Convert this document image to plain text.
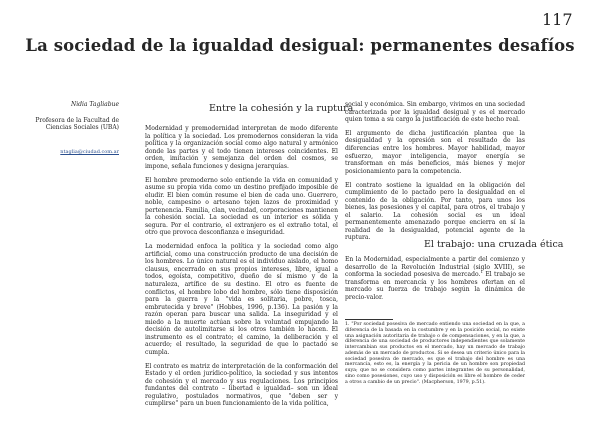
117
La sociedad de la igualdad desigual: permanentes desafíos
Nidia Tagliabue
Profesora de la Facultad de Ciencias Sociales (UBA)
ntaglia@ciudad.com.ar
Entre la cohesión y la ruptura

Modernidad y premodernidad interpretan de modo diferente la política y la sociedad. Los premodernos consideran la vida política y la organización social como algo natural y armónico donde las partes y el todo tienen intereses coincidentes. El orden, imitación y semejanza del orden del cosmos, se impone, señala funciones y designa jerarquías.

El hombre premoderno solo entiende la vida en comunidad y asume su propia vida como un destino prefijado imposible de eludir. El bien común resume el bien de cada uno. Guerrero, noble, campesino o artesano tejen lazos de proximidad y pertenencia. Familia, clan, vecindad, corporaciones mantienen la cohesión social. La sociedad es un interior es sólida y segura. Por el contrario, el extranjero es el extraño total, el otro que provoca desconfianza e inseguridad.

La modernidad enfoca la política y la sociedad como algo artificial, como una construcción producto de una decisión de los hombres. Lo único natural es el individuo aislado, el homo clausus, encerrado en sus propios intereses, libre, igual a todos, egoísta, competitivo, dueño de sí mismo y de la naturaleza, artífice de su destino. El otro es fuente de conflictos, el hombre lobo del hombre, sólo tiene disposición para la guerra y la "vida es solitaria, pobre, tosca, embrutecida y breve" (Hobbes, 1996, p.136). La pasión y la razón operan para buscar una salida. La inseguridad y el miedo a la muerte actúan sobre la voluntad empujando la decisión de autolimitarse si los otros también lo hacen. El instrumento es el contrato; el camino, la deliberación y el acuerdo; el resultado, la seguridad de que lo pactado se cumpla.

El contrato es matriz de interpretación de la conformación del Estado y el orden jurídico-político, la sociedad y sus intentos de cohesión y el mercado y sus regulaciones. Los principios fundantes del contrato – libertad e igualdad– son un ideal regulativo, postulados normativos, que "deben ser y cumplirse" para un buen funcionamiento de la vida política,

social y económica. Sin embargo, vivimos en una sociedad caracterizada por la igualdad desigual y es el mercado quien toma a su cargo la justificación de este hecho real.

El argumento de dicha justificación plantea que la desigualdad y la opresión son el resultado de las diferencias entre los hombres. Mayor habilidad, mayor esfuerzo, mayor inteligencia, mayor energía se transforman en más beneficios, más bienes y mejor posicionamiento para la competencia.

El contrato sostiene la igualdad en la obligación del cumplimiento de lo pactado pero la desigualdad en el contenido de la obligación. Por tanto, para unos los bienes, las posesiones y el capital, para otros, el trabajo y el salario. La cohesión social es un ideal permanentemente amenazado porque encierra en sí la realidad de la desigualdad, potencial agente de la ruptura.

El trabajo: una cruzada ética

En la Modernidad, especialmente a partir del comienzo y desarrollo de la Revolución Industrial (siglo XVIII), se conforma la sociedad posesiva de mercado.$^1$ El trabajo se transforma en mercancía y los hombres ofertan en el mercado su fuerza de trabajo según la dinámica de precio-valor.

1. "Por sociedad posesiva de mercado entiendo una sociedad en la que, a diferencia de la basada en la costumbre y en la posición social, no existe una asignación autoritaria de trabajo o de compensaciones, y en la que, a diferencia de una sociedad de productores independientes que solamente intercambian sus productos en el mercado, hay un mercado de trabajo además de un mercado de productos. Si se desea un criterio único para la sociedad posesiva de mercado, es que el trabajo del hombre es una mercancía, esto es, la energía y la pericia de un hombre son propiedad suya; que no se considera como partes integrantes de su personalidad, sino como posesiones, cuyo uso y disposición es libre el hombre de ceder a otros a cambio de un precio". (Macpherson, 1979, p.51).
